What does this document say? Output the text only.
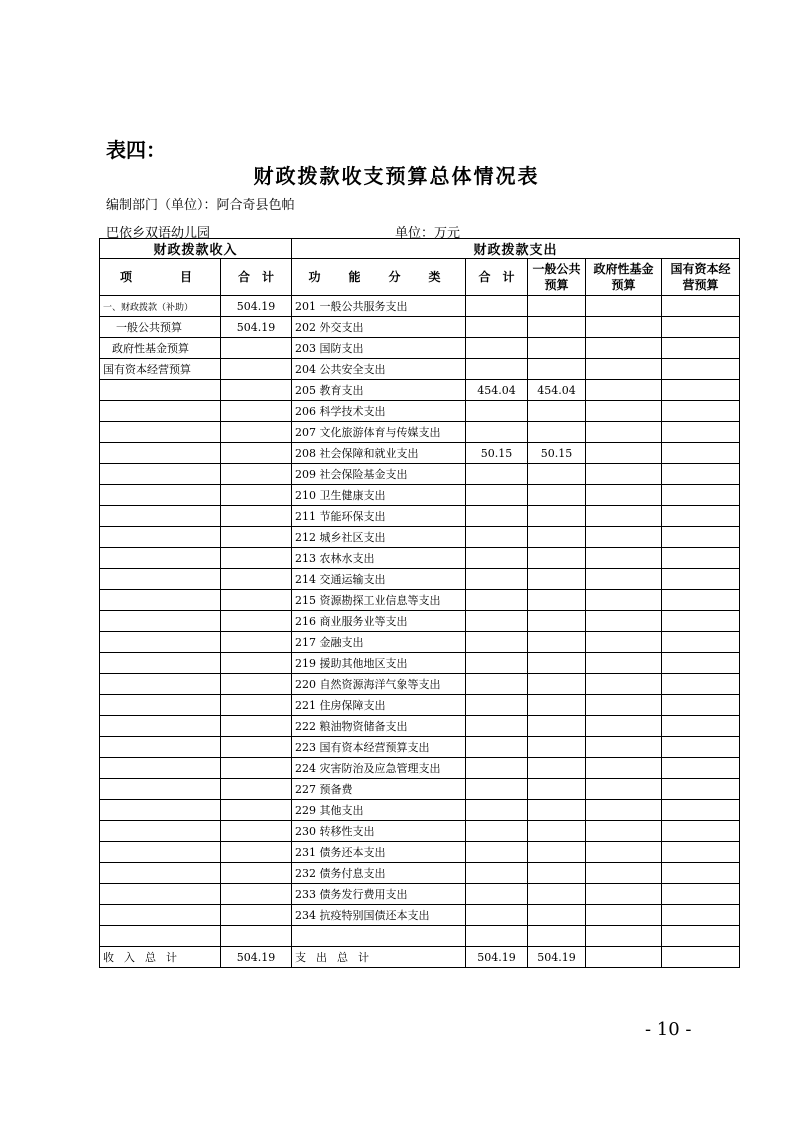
表四：
财政拨款收支预算总体情况表
编制部门（单位）：阿合奇县色帕
巴依乡双语幼儿园	单位：万元
财政拨款收入		财政拨款支出				
项　　目	合　计	功　能　分　类	合　计	一般公共预算	政府性基金预算	国有资本经营预算
一、财政拨款（补助）	504.19	201 一般公共服务支出				
一般公共预算	504.19	202 外交支出				
政府性基金预算		203 国防支出				
国有资本经营预算		204 公共安全支出				
		205 教育支出	454.04	454.04		
		206 科学技术支出				
		207 文化旅游体育与传媒支出				
		208 社会保障和就业支出	50.15	50.15		
		209 社会保险基金支出				
		210 卫生健康支出				
		211 节能环保支出				
		212 城乡社区支出				
		213 农林水支出				
		214 交通运输支出				
		215 资源勘探工业信息等支出				
		216 商业服务业等支出				
		217 金融支出				
		219 援助其他地区支出				
		220 自然资源海洋气象等支出				
		221 住房保障支出				
		222 粮油物资储备支出				
		223 国有资本经营预算支出				
		224 灾害防治及应急管理支出				
		227 预备费				
		229 其他支出				
		230 转移性支出				
		231 债务还本支出				
		232 债务付息支出				
		233 债务发行费用支出				
		234 抗疫特别国债还本支出				

收入总计	504.19	支出总计	504.19	504.19		
- 10 -
